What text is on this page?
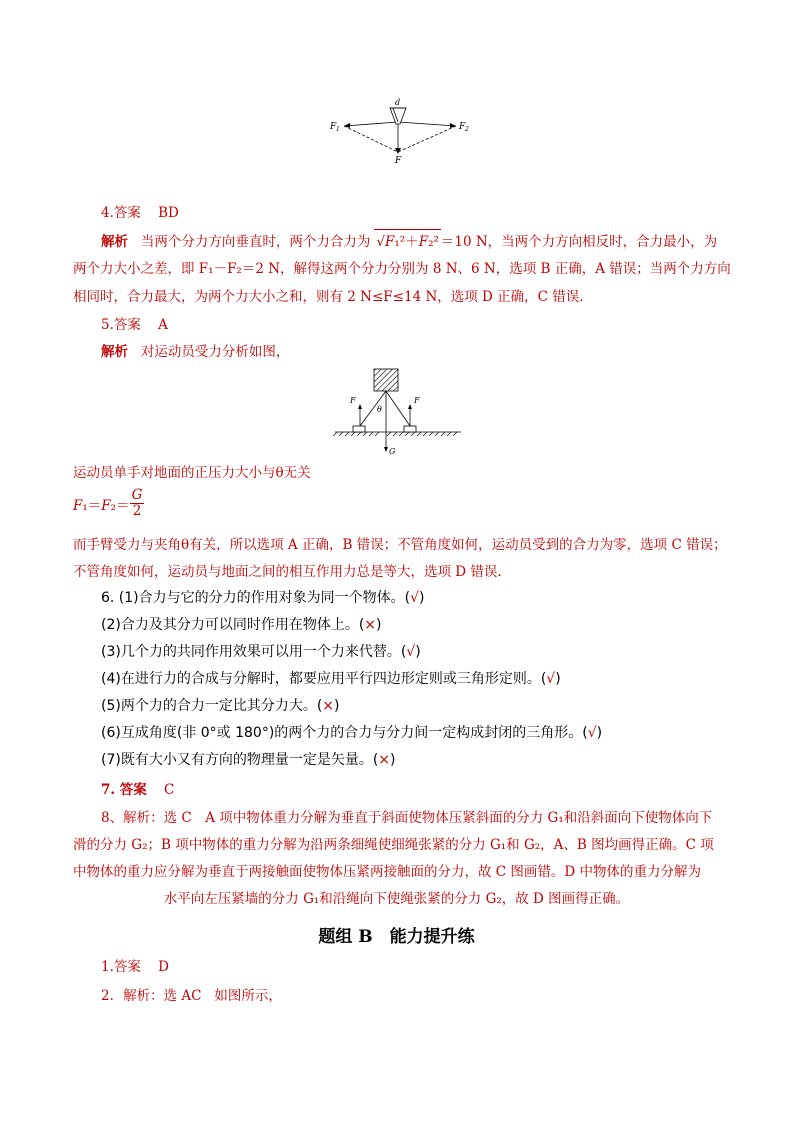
d
F 1	F 2
F
4.答案 BD
解析 当两个分力方向垂直时，两个力合力为 √F₁²＋F₂² ＝10 N，当两个力方向相反时，合力最小，为
两个力大小之差，即 F₁－F₂＝2 N，解得这两个分力分别为 8 N、6 N，选项 B 正确，A 错误；当两个力方向
相同时，合力最大，为两个力大小之和，则有 2 N≤F≤14 N，选项 D 正确，C 错误.
5.答案 A
解析 对运动员受力分析如图，
F	F
θ
G
运动员单手对地面的正压力大小与θ无关
$F_1=F_2= \frac{G}{2}$
而手臂受力与夹角θ有关，所以选项 A 正确，B 错误；不管角度如何，运动员受到的合力为零，选项 C 错误；
不管角度如何，运动员与地面之间的相互作用力总是等大，选项 D 错误.
6. (1)合力与它的分力的作用对象为同一个物体。(√)
(2)合力及其分力可以同时作用在物体上。(×)
(3)几个力的共同作用效果可以用一个力来代替。(√)
(4)在进行力的合成与分解时，都要应用平行四边形定则或三角形定则。(√)
(5)两个力的合力一定比其分力大。(×)
(6)互成角度(非 0°或 180°)的两个力的合力与分力间一定构成封闭的三角形。(√)
(7)既有大小又有方向的物理量一定是矢量。(×)
7. 答案 C
8、解析：选 C　A 项中物体重力分解为垂直于斜面使物体压紧斜面的分力 G₁和沿斜面向下使物体向下
滑的分力 G₂；B 项中物体的重力分解为沿两条细绳使细绳张紧的分力 G₁和 G₂，A、B 图均画得正确。C 项
中物体的重力应分解为垂直于两接触面使物体压紧两接触面的分力，故 C 图画错。D 中物体的重力分解为
水平向左压紧墙的分力 G₁和沿绳向下使绳张紧的分力 G₂，故 D 图画得正确。
题组 B　能力提升练
1.答案 D
2．解析：选 AC 如图所示，
